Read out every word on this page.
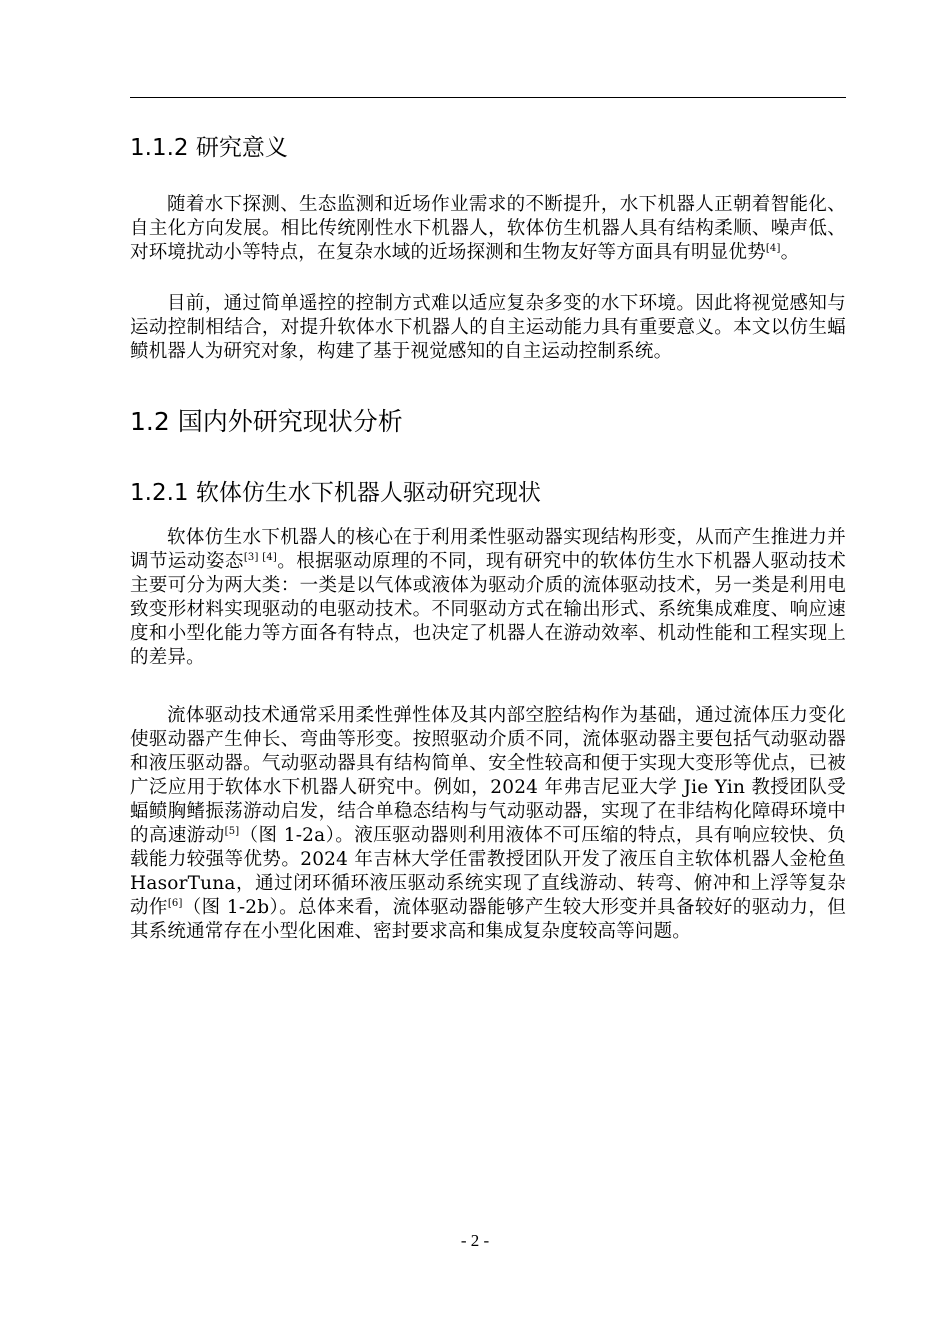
1.1.2 研究意义

随着水下探测、生态监测和近场作业需求的不断提升，水下机器人正朝着智能化、自主化方向发展。相比传统刚性水下机器人，软体仿生机器人具有结构柔顺、噪声低、对环境扰动小等特点，在复杂水域的近场探测和生物友好等方面具有明显优势[4]。

目前，通过简单遥控的控制方式难以适应复杂多变的水下环境。因此将视觉感知与运动控制相结合，对提升软体水下机器人的自主运动能力具有重要意义。本文以仿生蝠鲼机器人为研究对象，构建了基于视觉感知的自主运动控制系统。

1.2 国内外研究现状分析
1.2.1 软体仿生水下机器人驱动研究现状

软体仿生水下机器人的核心在于利用柔性驱动器实现结构形变，从而产生推进力并调节运动姿态[3] [4]。根据驱动原理的不同，现有研究中的软体仿生水下机器人驱动技术主要可分为两大类：一类是以气体或液体为驱动介质的流体驱动技术，另一类是利用电致变形材料实现驱动的电驱动技术。不同驱动方式在输出形式、系统集成难度、响应速度和小型化能力等方面各有特点，也决定了机器人在游动效率、机动性能和工程实现上的差异。

流体驱动技术通常采用柔性弹性体及其内部空腔结构作为基础，通过流体压力变化使驱动器产生伸长、弯曲等形变。按照驱动介质不同，流体驱动器主要包括气动驱动器和液压驱动器。气动驱动器具有结构简单、安全性较高和便于实现大变形等优点，已被广泛应用于软体水下机器人研究中。例如，2024 年弗吉尼亚大学 Jie Yin 教授团队受蝠鲼胸鳍振荡游动启发，结合单稳态结构与气动驱动器，实现了在非结构化障碍环境中的高速游动[5]（图 1-2a）。液压驱动器则利用液体不可压缩的特点，具有响应较快、负载能力较强等优势。2024 年吉林大学任雷教授团队开发了液压自主软体机器人金枪鱼 HasorTuna，通过闭环循环液压驱动系统实现了直线游动、转弯、俯冲和上浮等复杂动作[6]（图 1-2b）。总体来看，流体驱动器能够产生较大形变并具备较好的驱动力，但其系统通常存在小型化困难、密封要求高和集成复杂度较高等问题。

- 2 -
